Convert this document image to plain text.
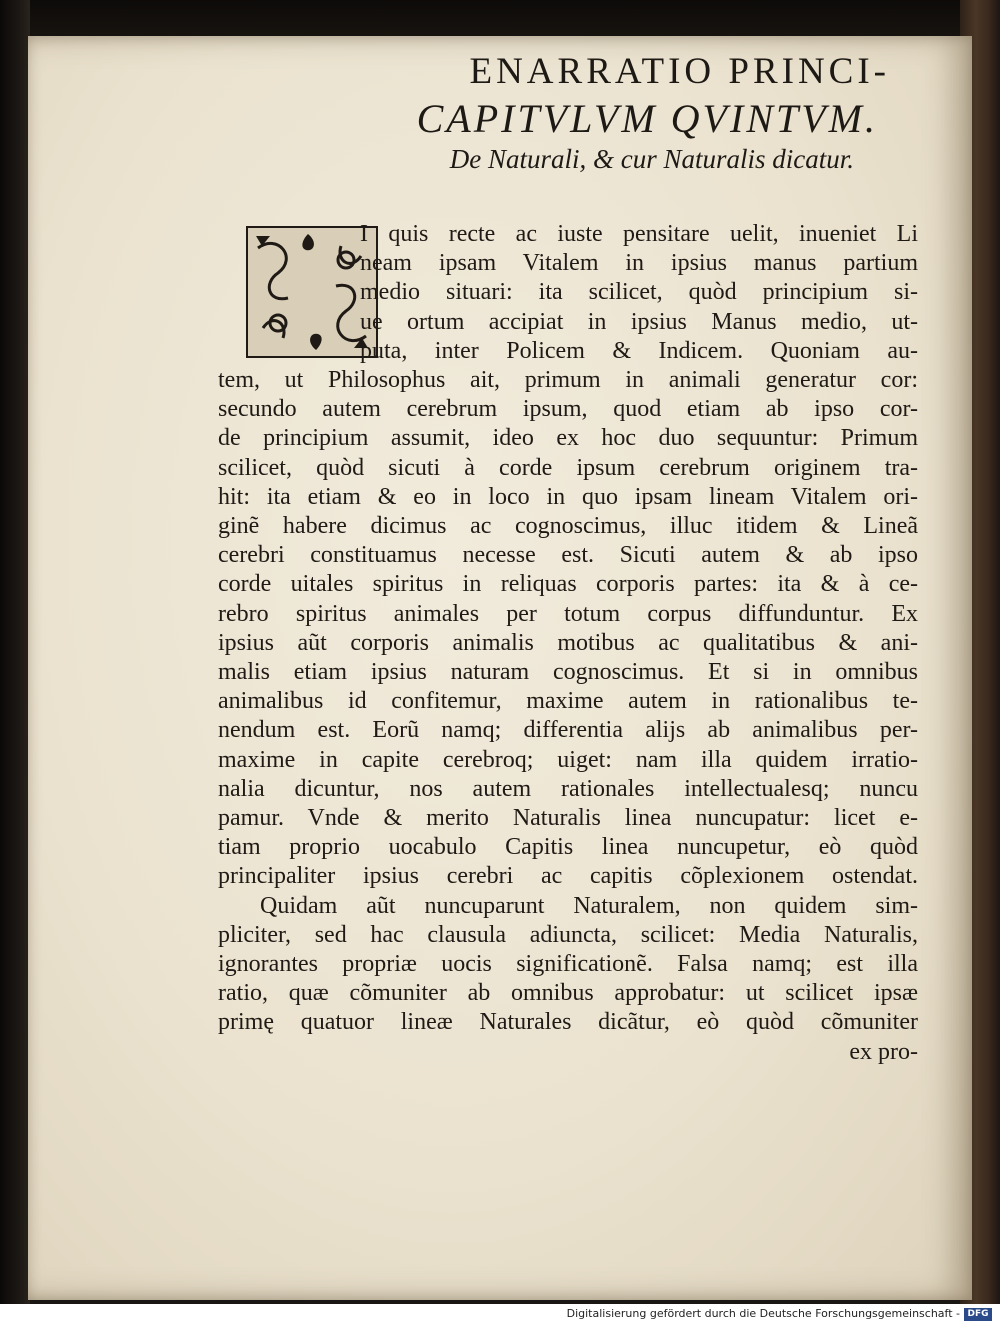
ENARRATIO PRINCI-

CAPITVLVM QVINTVM.

De Naturali, & cur Naturalis dicatur.

I quis recte ac iuste pensitare uelit, inueniet Li
neam ipsam Vitalem in ipsius manus partium
medio situari: ita scilicet, quòd principium si-
ue ortum accipiat in ipsius Manus medio, ut-
puta, inter Policem & Indicem. Quoniam au-
tem, ut Philosophus ait, primum in animali generatur cor:
secundo autem cerebrum ipsum, quod etiam ab ipso cor-
de principium assumit, ideo ex hoc duo sequuntur: Primum
scilicet, quòd sicuti à corde ipsum cerebrum originem tra-
hit: ita etiam & eo in loco in quo ipsam lineam Vitalem ori-
ginẽ habere dicimus ac cognoscimus, illuc itidem & Lineã
cerebri constituamus necesse est. Sicuti autem & ab ipso
corde uitales spiritus in reliquas corporis partes: ita & à ce-
rebro spiritus animales per totum corpus diffunduntur. Ex
ipsius aũt corporis animalis motibus ac qualitatibus & ani-
malis etiam ipsius naturam cognoscimus. Et si in omnibus
animalibus id confitemur, maxime autem in rationalibus te-
nendum est. Eorũ namq; differentia alijs ab animalibus per-
maxime in capite cerebroq; uiget: nam illa quidem irratio-
nalia dicuntur, nos autem rationales intellectualesq; nuncu
pamur. Vnde & merito Naturalis linea nuncupatur: licet e-
tiam proprio uocabulo Capitis linea nuncupetur, eò quòd
principaliter ipsius cerebri ac capitis cõplexionem ostendat.
Quidam aũt nuncuparunt Naturalem, non quidem sim-
pliciter, sed hac clausula adiuncta, scilicet: Media Naturalis,
ignorantes propriæ uocis significationẽ. Falsa namq; est illa
ratio, quæ cõmuniter ab omnibus approbatur: ut scilicet ipsæ
primę quatuor lineæ Naturales dicãtur, eò quòd cõmuniter
ex pro-
Digitalisierung gefördert durch die Deutsche Forschungsgemeinschaft - DFG
